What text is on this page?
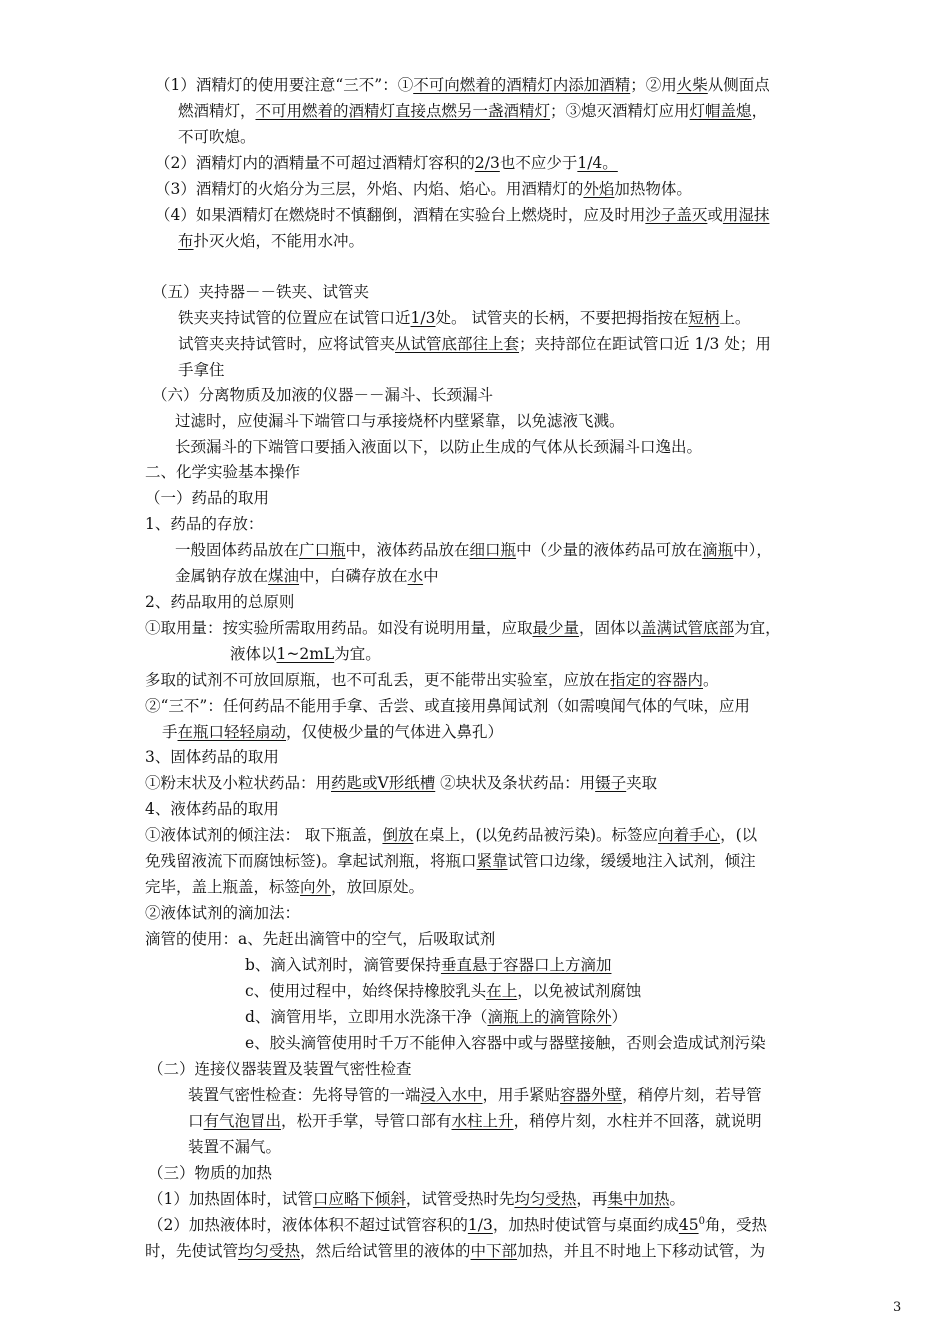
（1）酒精灯的使用要注意“三不”：①不可向燃着的酒精灯内添加酒精；②用火柴从侧面点
燃酒精灯，不可用燃着的酒精灯直接点燃另一盏酒精灯；③熄灭酒精灯应用灯帽盖熄，
不可吹熄。
（2）酒精灯内的酒精量不可超过酒精灯容积的2/3也不应少于1/4。
（3）酒精灯的火焰分为三层，外焰、内焰、焰心。用酒精灯的外焰加热物体。
（4）如果酒精灯在燃烧时不慎翻倒，酒精在实验台上燃烧时，应及时用沙子盖灭或用湿抹
布扑灭火焰，不能用水冲。
（五）夹持器－－铁夹、试管夹
铁夹夹持试管的位置应在试管口近1/3处。 试管夹的长柄，不要把拇指按在短柄上。
试管夹夹持试管时，应将试管夹从试管底部往上套；夹持部位在距试管口近 1/3 处；用
手拿住
（六）分离物质及加液的仪器－－漏斗、长颈漏斗
过滤时，应使漏斗下端管口与承接烧杯内壁紧靠，以免滤液飞溅。
长颈漏斗的下端管口要插入液面以下，以防止生成的气体从长颈漏斗口逸出。
二、化学实验基本操作
（一）药品的取用
1、药品的存放：
一般固体药品放在广口瓶中，液体药品放在细口瓶中（少量的液体药品可放在滴瓶中），
金属钠存放在煤油中，白磷存放在水中
2、药品取用的总原则
①取用量：按实验所需取用药品。如没有说明用量，应取最少量，固体以盖满试管底部为宜，
液体以1~2mL为宜。
多取的试剂不可放回原瓶，也不可乱丢，更不能带出实验室，应放在指定的容器内。
②“三不”：任何药品不能用手拿、舌尝、或直接用鼻闻试剂（如需嗅闻气体的气味，应用
手在瓶口轻轻扇动，仅使极少量的气体进入鼻孔）
3、固体药品的取用
①粉末状及小粒状药品：用药匙或V形纸槽 ②块状及条状药品：用镊子夹取
4、液体药品的取用
①液体试剂的倾注法： 取下瓶盖，倒放在桌上，(以免药品被污染)。标签应向着手心，(以
免残留液流下而腐蚀标签)。拿起试剂瓶，将瓶口紧靠试管口边缘，缓缓地注入试剂，倾注
完毕，盖上瓶盖，标签向外，放回原处。
②液体试剂的滴加法：
滴管的使用：a、先赶出滴管中的空气，后吸取试剂
b、滴入试剂时，滴管要保持垂直悬于容器口上方滴加
c、使用过程中，始终保持橡胶乳头在上，以免被试剂腐蚀
d、滴管用毕，立即用水洗涤干净（滴瓶上的滴管除外）
e、胶头滴管使用时千万不能伸入容器中或与器壁接触，否则会造成试剂污染
（二）连接仪器装置及装置气密性检查
装置气密性检查：先将导管的一端浸入水中，用手紧贴容器外壁，稍停片刻，若导管
口有气泡冒出，松开手掌，导管口部有水柱上升，稍停片刻，水柱并不回落，就说明
装置不漏气。
（三）物质的加热
（1）加热固体时，试管口应略下倾斜，试管受热时先均匀受热，再集中加热。
（2）加热液体时，液体体积不超过试管容积的1/3，加热时使试管与桌面约成$45^0$角，受热
时，先使试管均匀受热，然后给试管里的液体的中下部加热，并且不时地上下移动试管，为
3
